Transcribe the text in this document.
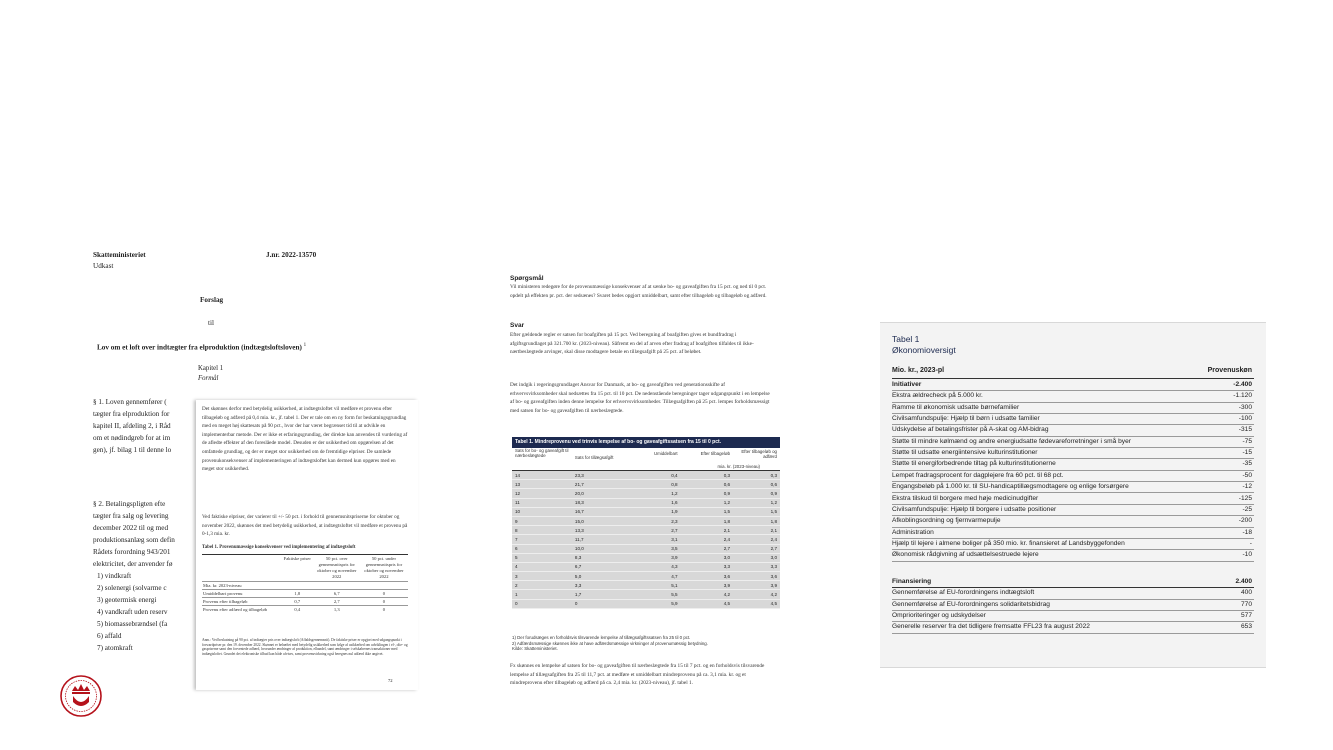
Skatteministeriet
Udkast
J.nr. 2022-13570
Forslag
til
Lov om et loft over indtægter fra elproduktion (indtægtsloftsloven) $^1$
§ 1. Loven gennemfører (
tægter fra elproduktion for
kapitel II, afdeling 2, i Råd
om et nødindgreb for at im
gen), jf. bilag 1 til denne lo
§ 2. Betalingspligten efte
tægter fra salg og levering
december 2022 til og med
produktionsanlæg som defin
Rådets forordning 943/201
elektricitet, der anvender fø
1) vindkraft
2) solenergi (solvarme c
3) geotermisk energi
4) vandkraft uden reserv
5) biomassebrændsel (fa
6) affald
7) atomkraft
Kapitel 1
Formål
Det skønnes derfor med betydelig usikkerhed, at indtægtsloftet vil medføre et provenu efter tilbageløb og adfærd på 0,4 mia. kr., jf. tabel 1. Der er tale om en ny form for beskatningsgrundlag med en meget høj skattesats på 90 pct., hvor der har været begrænset tid til at udvikle en implementerbar metode. Der er ikke et erfaringsgrundlag, der direkte kan anvendes til vurdering af de afledte effekter af den foreslåede model. Desuden er der usikkerhed om opgørelsen af det omfattede grundlag, og der er meget stor usikkerhed om de fremtidige elpriser. De samlede provenukonsekvenser af implementeringen af indtægtsloftet kan dermed kun opgøres med en meget stor usikkerhed.
Ved faktiske elpriser, der varierer til +/- 50 pct. i forhold til gennemsnitspriserne for oktober og november 2022, skønnes det med betydelig usikkerhed, at indtægtsloftet vil medføre et provenu på 0-1,3 mia. kr.
Tabel 1. Provenumæssige konsekvenser ved implementering af indtægtsloft
Faktiske priser	50 pct. over gennemsnitspris for oktober og november 2022
50 pct. under gennemsnitspris for oktober og november 2022
Mia. kr. 2023-niveau
Umiddelbart provenu	1,8	6,7	0
Provenu efter tilbageløb	0,7	2,7	0
Provenu efter adfærd og tilbageløb	0,4	1,3	0
Anm.: Ved beskatning på 90 pct. af indtægter pris over indtægtsloft (Affaldsgennemsnit). De faktiske priser er opgjort med udgangspunkt i forwardpriser pr. den 19. december 2022. Skønnet er behæftet med betydelig usikkerhed som følge af usikkerhed om udviklingen i el-, olie- og gaspriserne samt den forventede adfærd, hvorunder ændringer af produktion, elhandel, samt ændringer i selskabernes transaktioner med indtægtsloftet. Grundet det elektroniske tilbud kan både afvises, samt provenuvirkning også beregnes nul adfærd ikke angivet.
72
Spørgsmål
Vil ministeren redegøre for de provenumæssige konsekvenser af at sænke bo- og gaveafgiften fra 15 pct. og ned til 0 pct. opdelt på effekten pr. pct. der sedsænes? Svaret bedes opgjort umiddelbart, samt efter tilbageløb og tilbageløb og adfærd.
Svar
Efter gældende regler er satsen for boafgiften på 15 pct. Ved beregning af boafgiften gives et bundfradrag i afgiftsgrundlaget på 321.700 kr. (2023-niveau). Såfremt en del af arven efter fradrag af boafgiften tilfaldes til ikke-nærtbeslægtede arvinger, skal disse modtagere betale en tillægsafgift på 25 pct. af beløbet.
Det indgik i regeringsgrundlaget Ansvar for Danmark, at bo- og gaveafgiften ved generationsskifte af erhvervsvirksomheder skal nedsættes fra 15 pct. til 10 pct. De nedenstående beregninger tager udgangspunkt i en lempelse af bo- og gaveafgiften inden denne lempelse for erhvervsvirksomheder. Tillægsafgiften på 25 pct. lempes forholdsmæssigt med satsen for bo- og gaveafgiften til nærbeslægtede.
Tabel 1. Mindreprovenu ved trinvis lempelse af bo- og gaveafgiftssatsen fra 15 til 0 pct.
Sats for bo- og gaveafgift til nærbeslægtede	Sats for tillægsafgift
Umiddelbart	Efter tilbageløb	Efter tilbageløb og adfærd
mia. kr. (2023-niveau)
14	23,3	0,4	0,3	0,3
13	21,7	0,8	0,6	0,6
12	20,0	1,2	0,9	0,9
11	18,3	1,6	1,2	1,2
10	16,7	1,9	1,5	1,5
9	15,0	2,3	1,8	1,8
8	13,3	2,7	2,1	2,1
7	11,7	3,1	2,4	2,4
6	10,0	3,5	2,7	2,7
5	8,3	3,9	3,0	3,0
4	6,7	4,3	3,3	3,3
3	5,0	4,7	3,6	3,6
2	3,3	5,1	3,9	3,9
1	1,7	5,5	4,2	4,2
0	0	5,9	4,5	4,5
1) Der forudsæges en forholdsvis tilsvarende lempelse af tillægsafgiftssatsen fra 25 til 0 pct.
2) Adfærdsmæssige skønnes ikke at have adfærdsmæssige virkninger af provenumæssig betydning.
Kilde: Skatteministeriet.
Fx skønnes en lempelse af satsen for bo- og gaveafgiften til nærbeslægtede fra 15 til 7 pct. og en forholdsvis tilsvarende lempelse af tillægsafgiften fra 25 til 11,7 pct. at medføre et umiddelbart mindreprovenu på ca. 3,1 mia. kr. og et mindreprovenu efter tilbageløb og adfærd på ca. 2,4 mia. kr. (2023-niveau), jf. tabel 1.
Tabel 1
Økonomioversigt
Mio. kr., 2023-pl	Provenuskøn
Initiativer	-2.400
Ekstra ældrecheck på 5.000 kr.	-1.120
Ramme til økonomisk udsatte børnefamilier	-300
Civilsamfundspulje: Hjælp til børn i udsatte familier	-100
Udskydelse af betalingsfrister på A-skat og AM-bidrag	-315
Støtte til mindre kølmænd og andre energiudsatte fødevareforretninger i små byer	-75
Støtte til udsatte energiintensive kulturinstitutioner	-15
Støtte til energiforbedrende tiltag på kulturinstitutionerne	-35
Lempet fradragsprocent for dagplejere fra 60 pct. til 68 pct.	-50
Engangsbeløb på 1.000 kr. til SU-handicaptillægsmodtagere og enlige forsørgere	-12
Ekstra tilskud til borgere med høje medicinudgifter	-125
Civilsamfundspulje: Hjælp til borgere i udsatte positioner	-25
Afkoblingsordning og fjernvarmepulje	-200
Administration	-18
Hjælp til lejere i almene boliger på 350 mio. kr. finansieret af Landsbyggefonden	-
Økonomisk rådgivning af udsættelsestruede lejere	-10
Finansiering	2.400
Gennemførelse af EU-forordningens indtægtsloft	400
Gennemførelse af EU-forordningens solidaritetsbidrag	770
Omprioriteringer og udskydelser	577
Generelle reserver fra det tidligere fremsatte FFL23 fra august 2022	653
